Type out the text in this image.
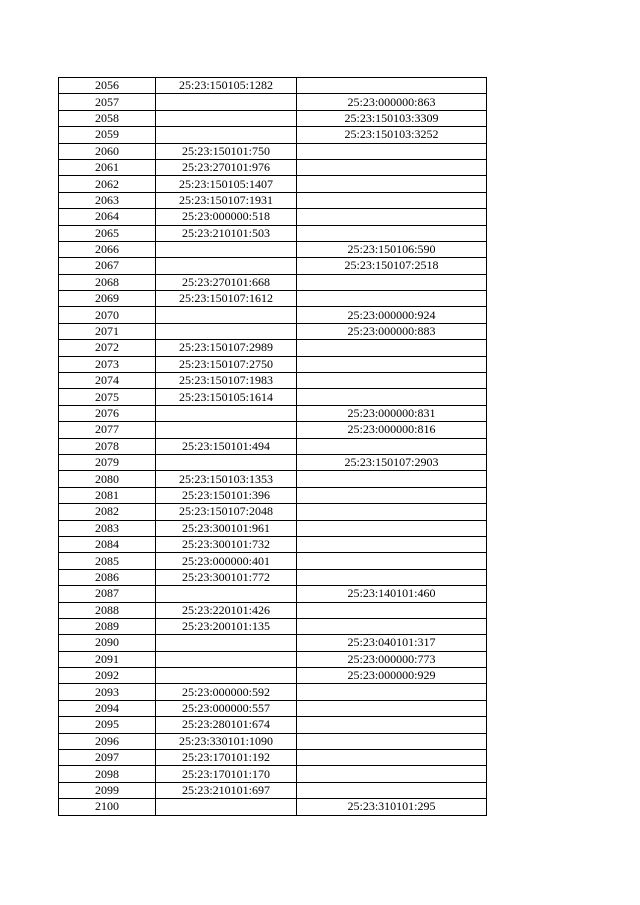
2056	25:23:150105:1282	
2057		25:23:000000:863
2058		25:23:150103:3309
2059		25:23:150103:3252
2060	25:23:150101:750	
2061	25:23:270101:976	
2062	25:23:150105:1407	
2063	25:23:150107:1931	
2064	25:23:000000:518	
2065	25:23:210101:503	
2066		25:23:150106:590
2067		25:23:150107:2518
2068	25:23:270101:668	
2069	25:23:150107:1612	
2070		25:23:000000:924
2071		25:23:000000:883
2072	25:23:150107:2989	
2073	25:23:150107:2750	
2074	25:23:150107:1983	
2075	25:23:150105:1614	
2076		25:23:000000:831
2077		25:23:000000:816
2078	25:23:150101:494	
2079		25:23:150107:2903
2080	25:23:150103:1353	
2081	25:23:150101:396	
2082	25:23:150107:2048	
2083	25:23:300101:961	
2084	25:23:300101:732	
2085	25:23:000000:401	
2086	25:23:300101:772	
2087		25:23:140101:460
2088	25:23:220101:426	
2089	25:23:200101:135	
2090		25:23:040101:317
2091		25:23:000000:773
2092		25:23:000000:929
2093	25:23:000000:592	
2094	25:23:000000:557	
2095	25:23:280101:674	
2096	25:23:330101:1090	
2097	25:23:170101:192	
2098	25:23:170101:170	
2099	25:23:210101:697	
2100		25:23:310101:295
